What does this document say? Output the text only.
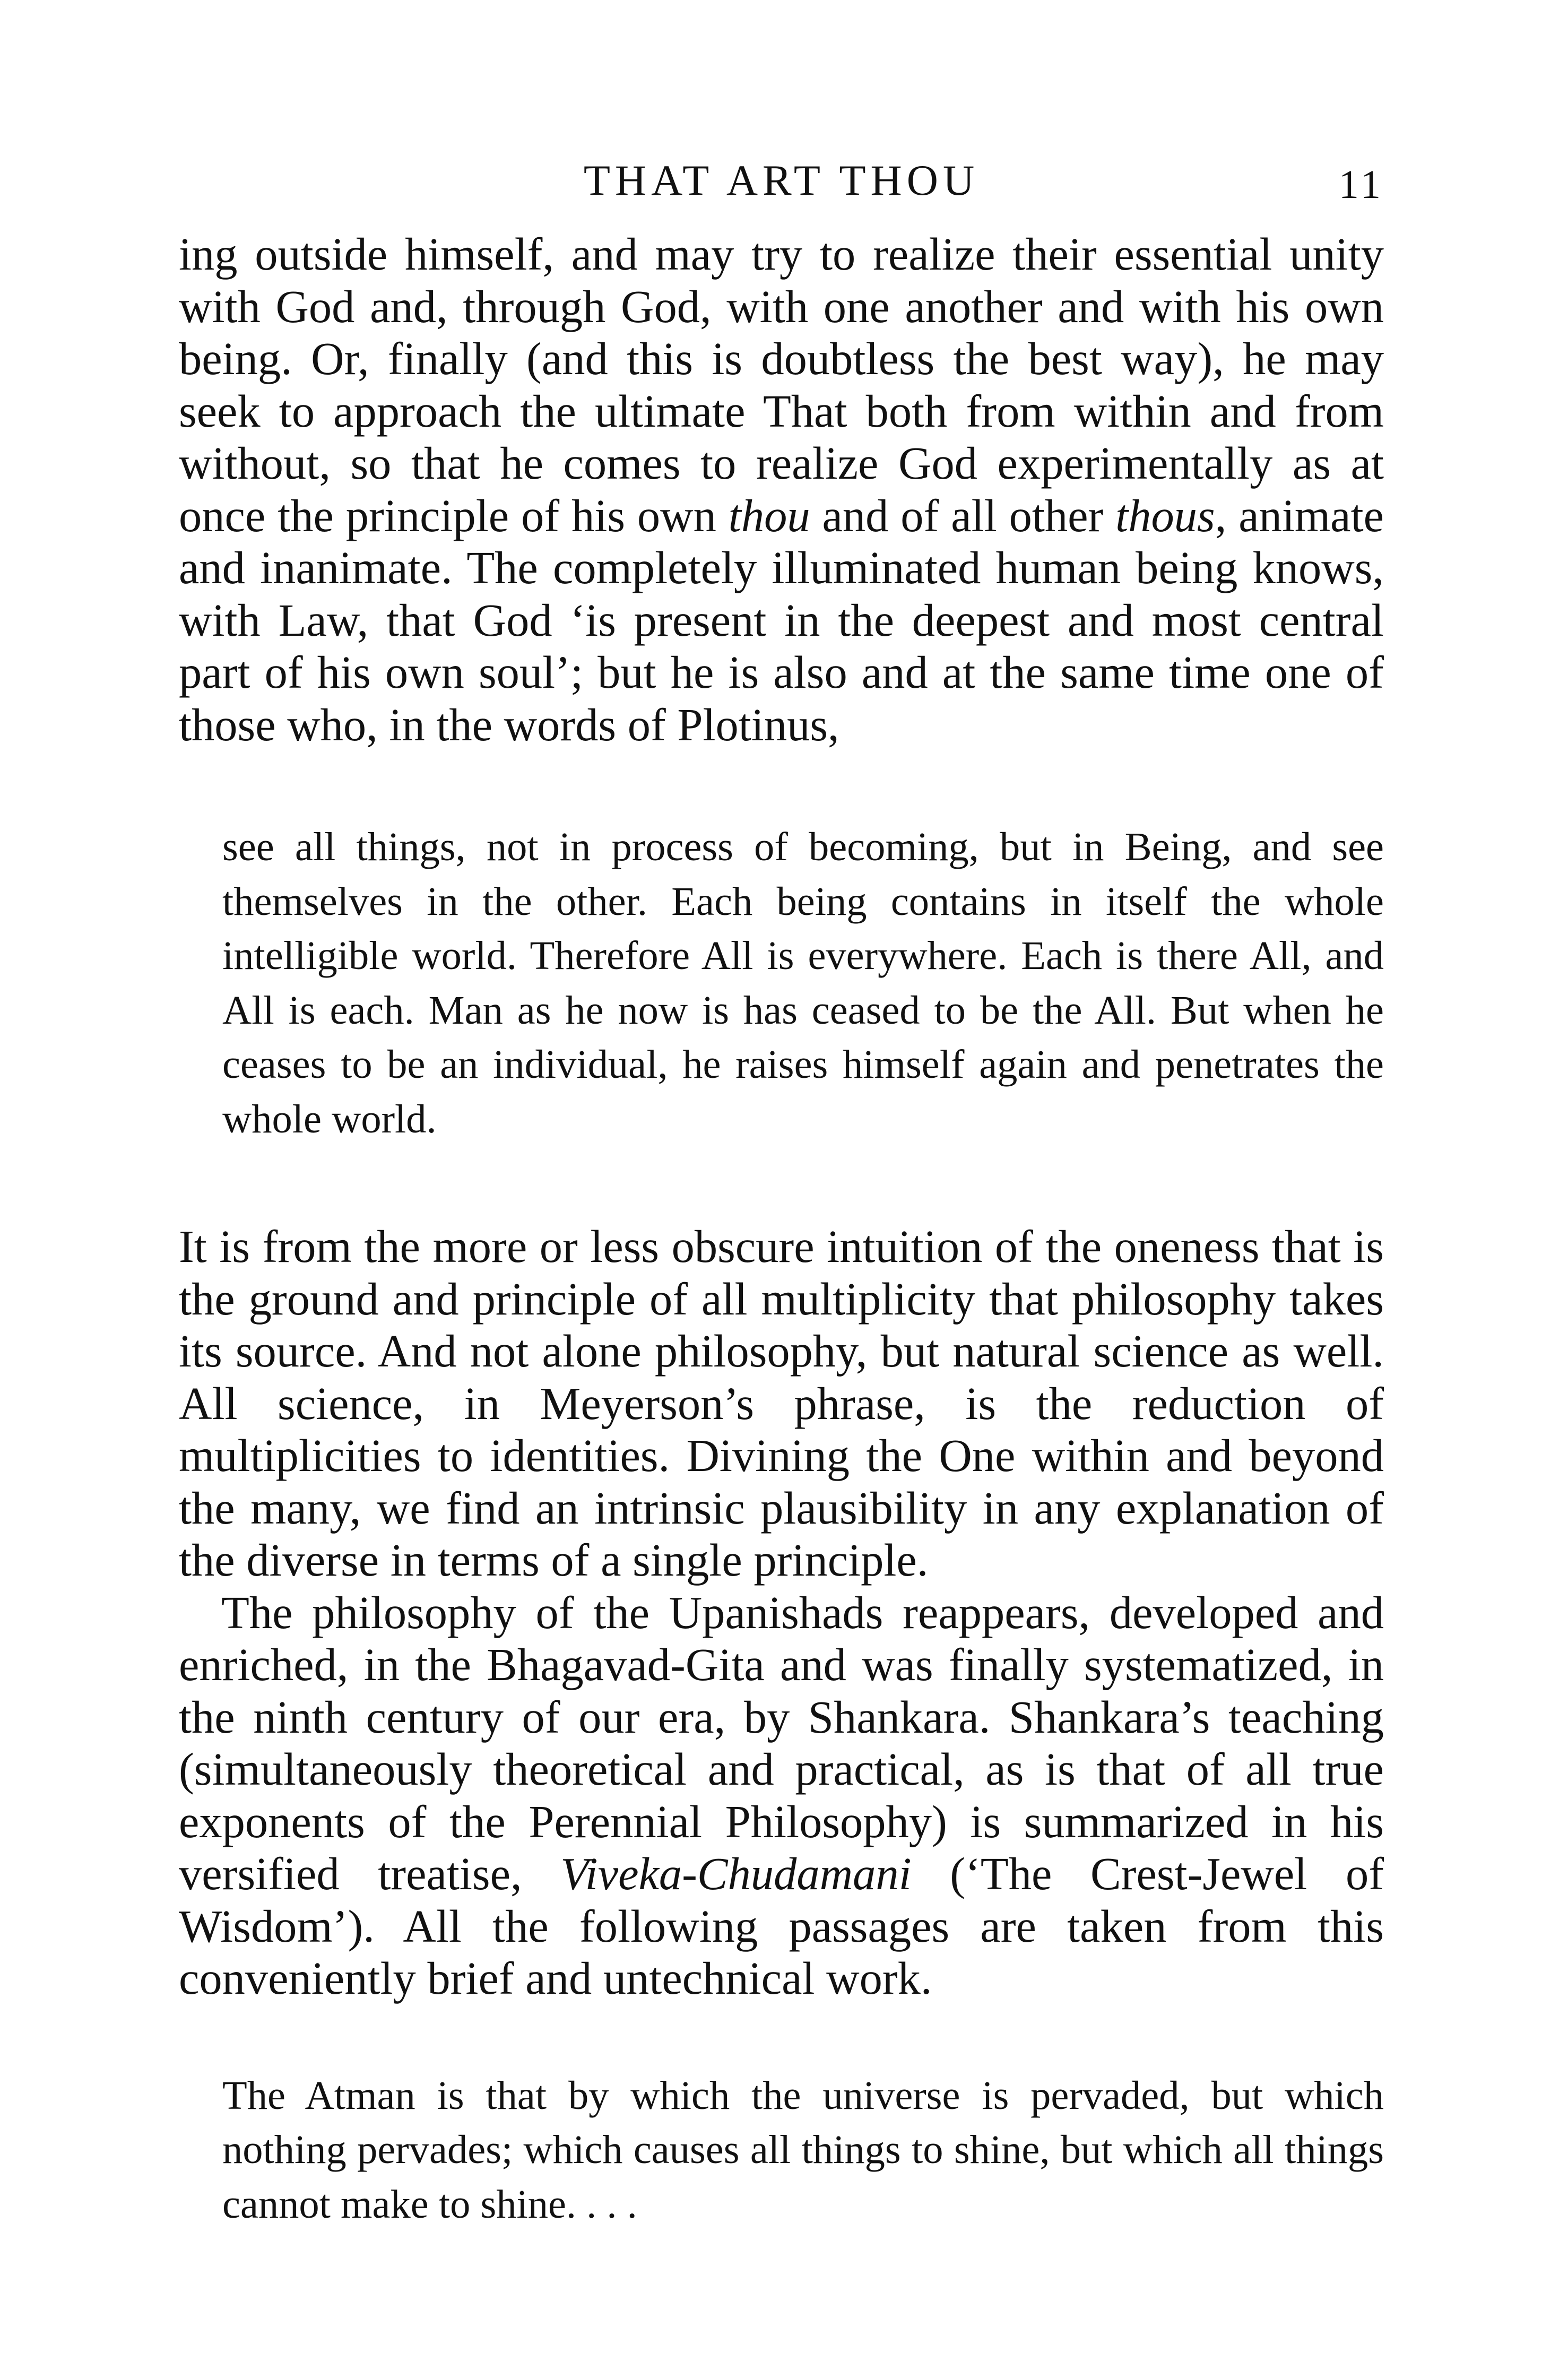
THAT ART THOU	11

ing outside himself, and may try to realize their essential unity with God and, through God, with one another and with his own being. Or, finally (and this is doubtless the best way), he may seek to approach the ultimate That both from within and from without, so that he comes to realize God experimentally as at once the principle of his own thou and of all other thous, animate and inanimate. The completely illuminated human being knows, with Law, that God ‘is present in the deepest and most central part of his own soul’; but he is also and at the same time one of those who, in the words of Plotinus,

see all things, not in process of becoming, but in Being, and see themselves in the other. Each being contains in itself the whole intelligible world. Therefore All is everywhere. Each is there All, and All is each. Man as he now is has ceased to be the All. But when he ceases to be an individual, he raises himself again and penetrates the whole world.

It is from the more or less obscure intuition of the oneness that is the ground and principle of all multiplicity that philosophy takes its source. And not alone philosophy, but natural science as well. All science, in Meyerson’s phrase, is the reduction of multiplicities to identities. Divining the One within and beyond the many, we find an intrinsic plausibility in any explanation of the diverse in terms of a single principle.

The philosophy of the Upanishads reappears, developed and enriched, in the Bhagavad-Gita and was finally systematized, in the ninth century of our era, by Shankara. Shankara’s teaching (simultaneously theoretical and practical, as is that of all true exponents of the Perennial Philosophy) is summarized in his versified treatise, Viveka-Chudamani (‘The Crest-Jewel of Wisdom’). All the following passages are taken from this conveniently brief and untechnical work.

The Atman is that by which the universe is pervaded, but which nothing pervades; which causes all things to shine, but which all things cannot make to shine. . . .
